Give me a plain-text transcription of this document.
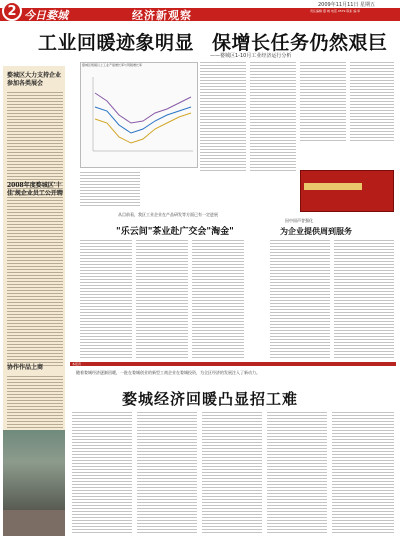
2 今日婺城	经济新观察
2009年11月11日 星期五
责任编辑 婺 城 电话 0579 联系 编 审
工业回暖迹象明显 保增长任务仍然艰巨
——婺城区1-10月工业经济运行分析
婺城区大力支持企业参加各类展会
2008年度婺城区'十佳'规企业员工公开聘
协作作品上商
婺城区规模以上工业产值增长率与利税增长率
从目前看，我区工业企业在产品研发等方面已有一定进展
"乐云间"茶业赴广交会"淘金"
因中国声誉强化
为企业提供周到服务
本报讯
随着婺城经济逐渐回暖，一批在婺城创业的新型工商企业在婺城投资，为全区经济的发展注入了新动力。
婺城经济回暖凸显招工难
